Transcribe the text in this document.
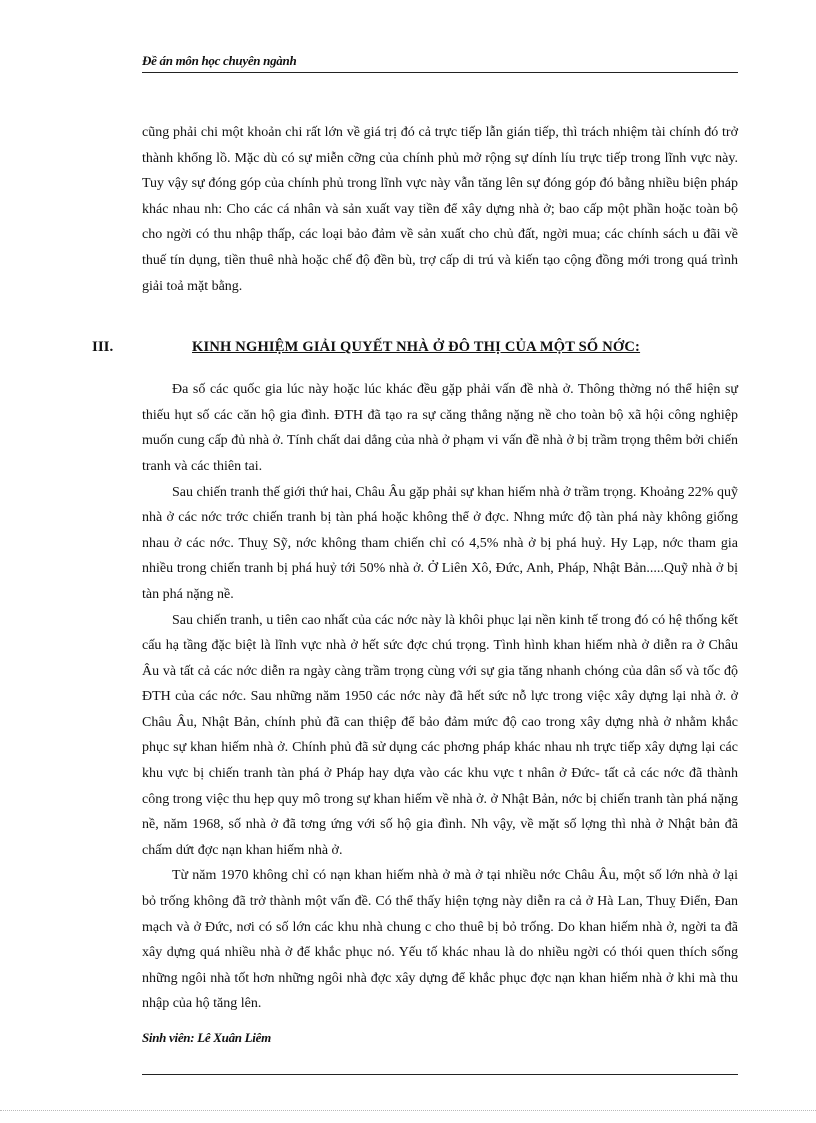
Đề án môn học chuyên ngành

cũng phải chi một khoản chi rất lớn về giá trị đó cả trực tiếp lẫn gián tiếp, thì trách nhiệm tài chính đó trở thành khổng lồ. Mặc dù có sự miễn cỡng của chính phủ mở rộng sự dính líu trực tiếp trong lĩnh vực này. Tuy vậy sự đóng góp của chính phủ trong lĩnh vực này vẫn tăng lên sự đóng góp đó bằng nhiều biện pháp khác nhau nh: Cho các cá nhân và sản xuất vay tiền để xây dựng nhà ở; bao cấp một phần hoặc toàn bộ cho ngời có thu nhập thấp, các loại bảo đảm về sản xuất cho chủ đất, ngời mua; các chính sách u đãi về thuế tín dụng, tiền thuê nhà hoặc chế độ đền bù, trợ cấp di trú và kiến tạo cộng đồng mới trong quá trình giải toả mặt bằng.

III.	KINH NGHIỆM GIẢI QUYẾT NHÀ Ở ĐÔ THỊ CỦA MỘT SỐ NỚC:

Đa số các quốc gia lúc này hoặc lúc khác đều gặp phải vấn đề nhà ở. Thông thờng nó thể hiện sự thiếu hụt số các căn hộ gia đình. ĐTH đã tạo ra sự căng thẳng nặng nề cho toàn bộ xã hội công nghiệp muốn cung cấp đủ nhà ở. Tính chất dai dẳng của nhà ở phạm vi vấn đề nhà ở bị trầm trọng thêm bởi chiến tranh và các thiên tai.

Sau chiến tranh thế giới thứ hai, Châu Âu gặp phải sự khan hiếm nhà ở trầm trọng. Khoảng 22% quỹ nhà ở các nớc trớc chiến tranh bị tàn phá hoặc không thể ở đợc. Nhng mức độ tàn phá này không giống nhau ở các nớc. Thuỵ Sỹ, nớc không tham chiến chỉ có 4,5% nhà ở bị phá huỷ. Hy Lạp, nớc tham gia nhiều trong chiến tranh bị phá huỷ tới 50% nhà ở. Ở Liên Xô, Đức, Anh, Pháp, Nhật Bản.....Quỹ nhà ở bị tàn phá nặng nề.

Sau chiến tranh, u tiên cao nhất của các nớc này là khôi phục lại nền kinh tế trong đó có hệ thống kết cấu hạ tầng đặc biệt là lĩnh vực nhà ở hết sức đợc chú trọng. Tình hình khan hiếm nhà ở diễn ra ở Châu Âu và tất cả các nớc diễn ra ngày càng trầm trọng cùng với sự gia tăng nhanh chóng của dân số và tốc độ ĐTH của các nớc. Sau những năm 1950 các nớc này đã hết sức nỗ lực trong việc xây dựng lại nhà ở. ở Châu Âu, Nhật Bản, chính phủ đã can thiệp để bảo đảm mức độ cao trong xây dựng nhà ở nhằm khắc phục sự khan hiếm nhà ở. Chính phủ đã sử dụng các phơng pháp khác nhau nh trực tiếp xây dựng lại các khu vực bị chiến tranh tàn phá ở Pháp hay dựa vào các khu vực t nhân ở Đức- tất cả các nớc đã thành công trong việc thu hẹp quy mô trong sự khan hiếm về nhà ở. ở Nhật Bản, nớc bị chiến tranh tàn phá nặng nề, năm 1968, số nhà ở đã tơng ứng với số hộ gia đình. Nh vậy, về mặt số lợng thì nhà ở Nhật bản đã chấm dứt đợc nạn khan hiếm nhà ở.

Từ năm 1970 không chỉ có nạn khan hiếm nhà ở mà ở tại nhiều nớc Châu Âu, một số lớn nhà ở lại bỏ trống không đã trở thành một vấn đề. Có thể thấy hiện tợng này diễn ra cả ở Hà Lan, Thuỵ Điển, Đan mạch và ở Đức, nơi có số lớn các khu nhà chung c cho thuê bị bỏ trống. Do khan hiếm nhà ở, ngời ta đã xây dựng quá nhiều nhà ở để khắc phục nó. Yếu tố khác nhau là do nhiều ngời có thói quen thích sống những ngôi nhà tốt hơn những ngôi nhà đợc xây dựng để khắc phục đợc nạn khan hiếm nhà ở khi mà thu nhập của hộ tăng lên.

Sinh viên: Lê Xuân Liêm
